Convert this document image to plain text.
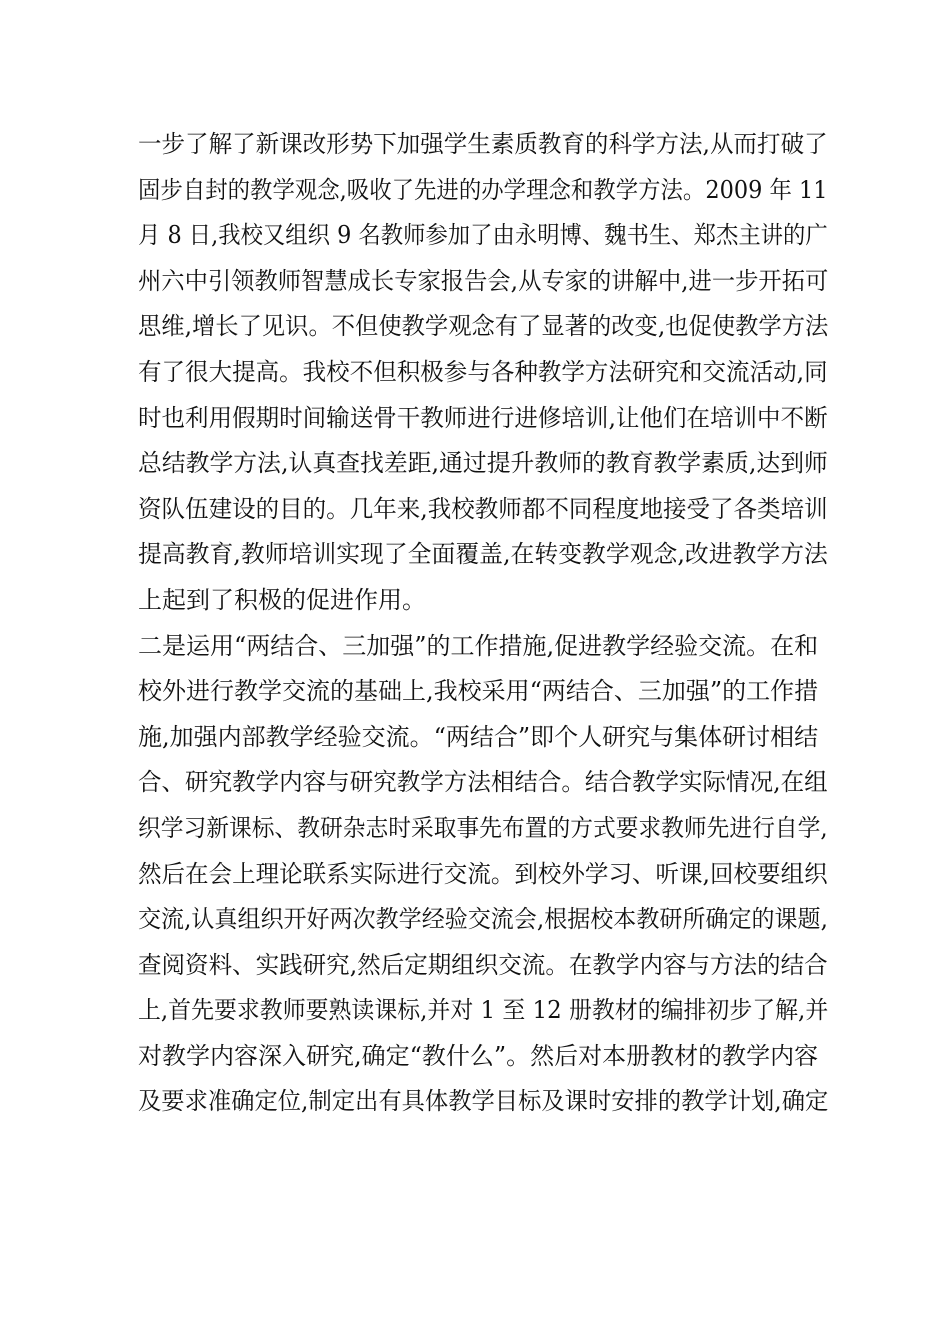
一步了解了新课改形势下加强学生素质教育的科学方法,从而打破了
固步自封的教学观念,吸收了先进的办学理念和教学方法。2009 年 11
月 8 日,我校又组织 9 名教师参加了由永明博、魏书生、郑杰主讲的广
州六中引领教师智慧成长专家报告会,从专家的讲解中,进一步开拓可
思维,增长了见识。不但使教学观念有了显著的改变,也促使教学方法
有了很大提高。我校不但积极参与各种教学方法研究和交流活动,同
时也利用假期时间输送骨干教师进行进修培训,让他们在培训中不断
总结教学方法,认真查找差距,通过提升教师的教育教学素质,达到师
资队伍建设的目的。几年来,我校教师都不同程度地接受了各类培训
提高教育,教师培训实现了全面覆盖,在转变教学观念,改进教学方法
上起到了积极的促进作用。
二是运用“两结合、三加强”的工作措施,促进教学经验交流。在和
校外进行教学交流的基础上,我校采用“两结合、三加强”的工作措
施,加强内部教学经验交流。“两结合”即个人研究与集体研讨相结
合、研究教学内容与研究教学方法相结合。结合教学实际情况,在组
织学习新课标、教研杂志时采取事先布置的方式要求教师先进行自学,
然后在会上理论联系实际进行交流。到校外学习、听课,回校要组织
交流,认真组织开好两次教学经验交流会,根据校本教研所确定的课题,
查阅资料、实践研究,然后定期组织交流。在教学内容与方法的结合
上,首先要求教师要熟读课标,并对 1 至 12 册教材的编排初步了解,并
对教学内容深入研究,确定“教什么”。然后对本册教材的教学内容
及要求准确定位,制定出有具体教学目标及课时安排的教学计划,确定
